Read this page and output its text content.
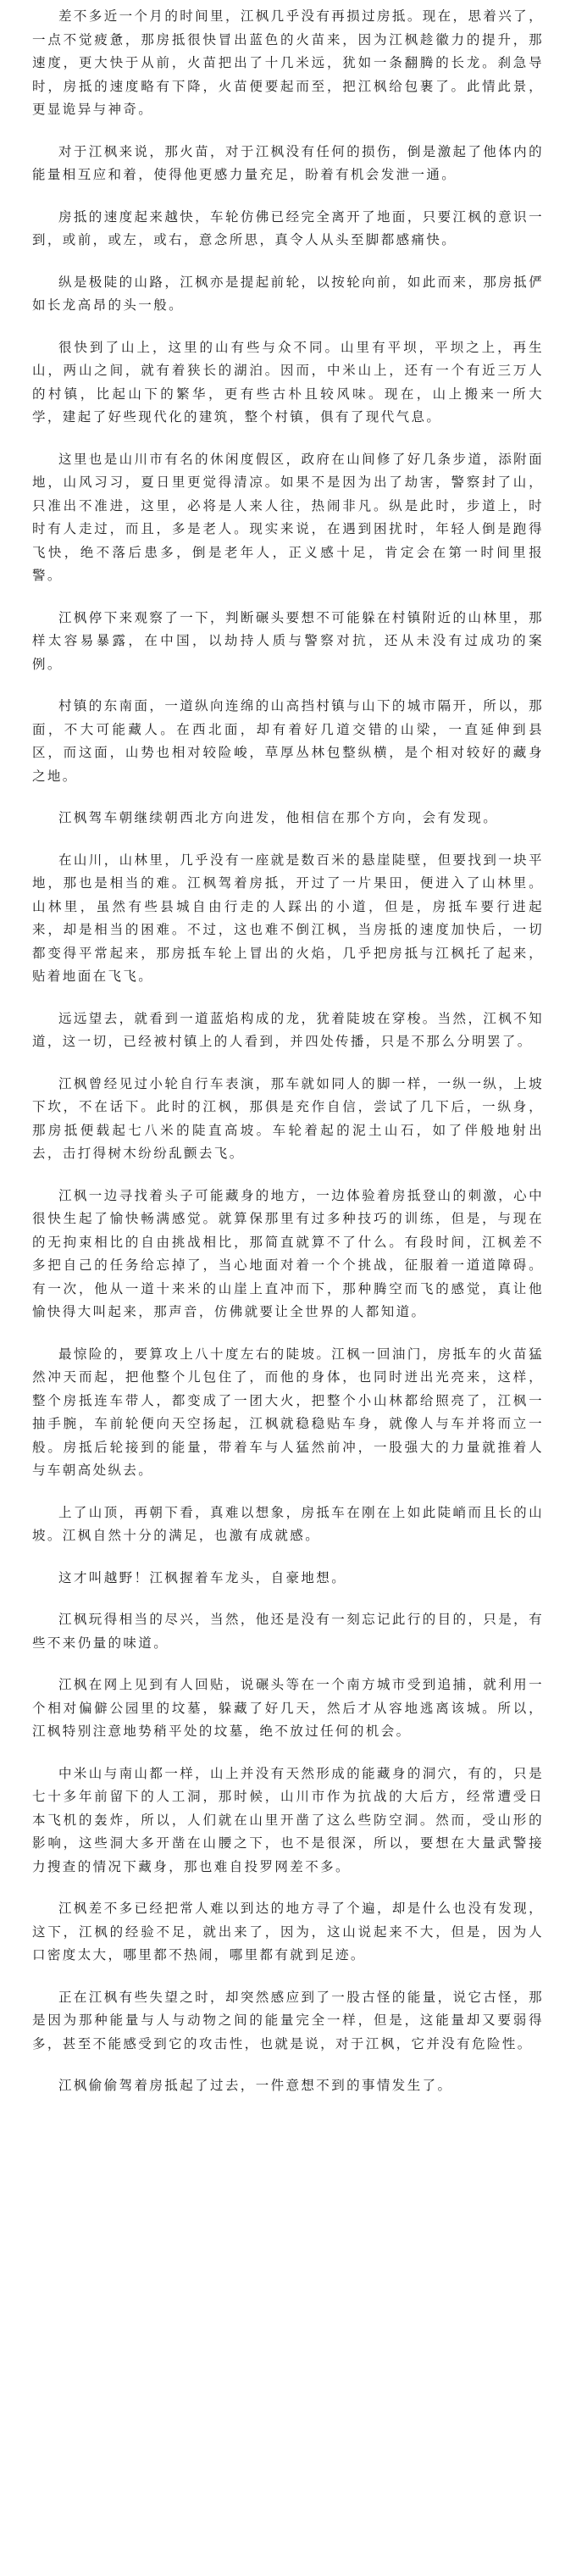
差不多近一个月的时间里，江枫几乎没有再损过房抵。现在，思着兴了，一点不觉疲惫，那房抵很快冒出蓝色的火苗来，因为江枫趁徽力的提升，那速度，更大快于从前，火苗把出了十几米远，犹如一条翻腾的长龙。刹急导时，房抵的速度略有下降，火苗便要起而至，把江枫给包裹了。此情此景，更显诡异与神奇。

对于江枫来说，那火苗，对于江枫没有任何的损伤，倒是激起了他体内的能量相互应和着，使得他更感力量充足，盼着有机会发泄一通。

房抵的速度起来越快，车轮仿佛已经完全离开了地面，只要江枫的意识一到，或前，或左，或右，意念所思，真令人从头至脚都感痛快。

纵是极陡的山路，江枫亦是提起前轮，以按轮向前，如此而来，那房抵俨如长龙高昂的头一般。

很快到了山上，这里的山有些与众不同。山里有平坝，平坝之上，再生山，两山之间，就有着狭长的湖泊。因而，中米山上，还有一个有近三万人的村镇，比起山下的繁华，更有些古朴且较风味。现在，山上搬来一所大学，建起了好些现代化的建筑，整个村镇，俱有了现代气息。

这里也是山川市有名的休闲度假区，政府在山间修了好几条步道，添附面地，山风习习，夏日里更觉得清凉。如果不是因为出了劫害，警察封了山，只准出不准进，这里，必将是人来人往，热闹非凡。纵是此时，步道上，时时有人走过，而且，多是老人。现实来说，在遇到困扰时，年轻人倒是跑得飞快，绝不落后患多，倒是老年人，正义感十足，肯定会在第一时间里报警。

江枫停下来观察了一下，判断碾头要想不可能躲在村镇附近的山林里，那样太容易暴露，在中国，以劫持人质与警察对抗，还从未没有过成功的案例。

村镇的东南面，一道纵向连绵的山高挡村镇与山下的城市隔开，所以，那面，不大可能藏人。在西北面，却有着好几道交错的山梁，一直延伸到县区，而这面，山势也相对较险峻，草厚丛林包整纵横，是个相对较好的藏身之地。

江枫驾车朝继续朝西北方向进发，他相信在那个方向，会有发现。

在山川，山林里，几乎没有一座就是数百米的悬崖陡壁，但要找到一块平地，那也是相当的难。江枫驾着房抵，开过了一片果田，便进入了山林里。山林里，虽然有些县城自由行走的人踩出的小道，但是，房抵车要行进起来，却是相当的困难。不过，这也难不倒江枫，当房抵的速度加快后，一切都变得平常起来，那房抵车轮上冒出的火焰，几乎把房抵与江枫托了起来，贴着地面在飞飞。

远远望去，就看到一道蓝焰构成的龙，犹着陡坡在穿梭。当然，江枫不知道，这一切，已经被村镇上的人看到，并四处传播，只是不那么分明罢了。

江枫曾经见过小轮自行车表演，那车就如同人的脚一样，一纵一纵，上坡下坎，不在话下。此时的江枫，那俱是充作自信，尝试了几下后，一纵身，那房抵便载起七八米的陡直高坡。车轮着起的泥土山石，如了伴般地射出去，击打得树木纷纷乱颤去飞。

江枫一边寻找着头子可能藏身的地方，一边体验着房抵登山的刺激，心中很快生起了愉快畅满感觉。就算保那里有过多种技巧的训练，但是，与现在的无拘束相比的自由挑战相比，那简直就算不了什么。有段时间，江枫差不多把自己的任务给忘掉了，当心地面对着一个个挑战，征服着一道道障碍。有一次，他从一道十来米的山崖上直冲而下，那种腾空而飞的感觉，真让他愉快得大叫起来，那声音，仿佛就要让全世界的人都知道。

最惊险的，要算攻上八十度左右的陡坡。江枫一回油门，房抵车的火苗猛然冲天而起，把他整个儿包住了，而他的身体，也同时迸出光亮来，这样，整个房抵连车带人，都变成了一团大火，把整个小山林都给照亮了，江枫一抽手腕，车前轮便向天空扬起，江枫就稳稳贴车身，就像人与车并将而立一般。房抵后轮接到的能量，带着车与人猛然前冲，一股强大的力量就推着人与车朝高处纵去。

上了山顶，再朝下看，真难以想象，房抵车在刚在上如此陡峭而且长的山坡。江枫自然十分的满足，也激有成就感。

这才叫越野！江枫握着车龙头，自豪地想。

江枫玩得相当的尽兴，当然，他还是没有一刻忘记此行的目的，只是，有些不来仍量的味道。

江枫在网上见到有人回贴，说碾头等在一个南方城市受到追捕，就利用一个相对偏僻公园里的坟墓，躲藏了好几天，然后才从容地逃离该城。所以，江枫特别注意地势稍平处的坟墓，绝不放过任何的机会。

中米山与南山都一样，山上并没有天然形成的能藏身的洞穴，有的，只是七十多年前留下的人工洞，那时候，山川市作为抗战的大后方，经常遭受日本飞机的轰炸，所以，人们就在山里开凿了这么些防空洞。然而，受山形的影响，这些洞大多开凿在山腰之下，也不是很深，所以，要想在大量武警接力搜查的情况下藏身，那也难自投罗网差不多。

江枫差不多已经把常人难以到达的地方寻了个遍，却是什么也没有发现，这下，江枫的经验不足，就出来了，因为，这山说起来不大，但是，因为人口密度太大，哪里都不热闹，哪里都有就到足迹。

正在江枫有些失望之时，却突然感应到了一股古怪的能量，说它古怪，那是因为那种能量与人与动物之间的能量完全一样，但是，这能量却又要弱得多，甚至不能感受到它的攻击性，也就是说，对于江枫，它并没有危险性。

江枫偷偷驾着房抵起了过去，一件意想不到的事情发生了。
